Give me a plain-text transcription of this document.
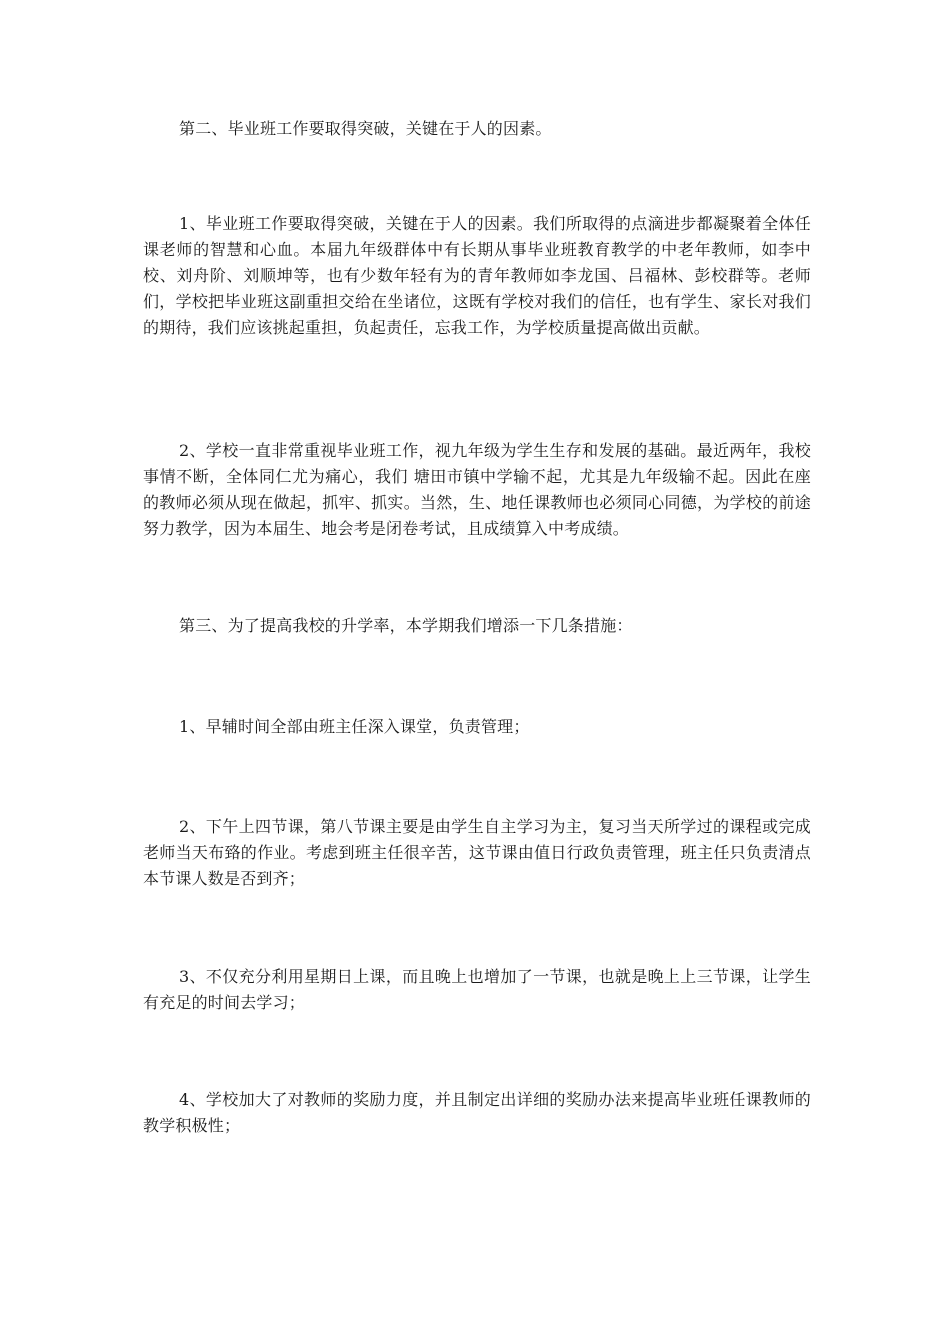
第二、毕业班工作要取得突破，关键在于人的因素。

1、毕业班工作要取得突破，关键在于人的因素。我们所取得的点滴进步都凝聚着全体任课老师的智慧和心血。本届九年级群体中有长期从事毕业班教育教学的中老年教师，如李中校、刘舟阶、刘顺坤等，也有少数年轻有为的青年教师如李龙国、吕福林、彭校群等。老师们，学校把毕业班这副重担交给在坐诸位，这既有学校对我们的信任，也有学生、家长对我们的期待，我们应该挑起重担，负起责任，忘我工作，为学校质量提高做出贡献。

2、学校一直非常重视毕业班工作，视九年级为学生生存和发展的基础。最近两年，我校事情不断，全体同仁尤为痛心，我们 塘田市镇中学输不起，尤其是九年级输不起。因此在座的教师必须从现在做起，抓牢、抓实。当然，生、地任课教师也必须同心同德，为学校的前途努力教学，因为本届生、地会考是闭卷考试，且成绩算入中考成绩。

第三、为了提高我校的升学率，本学期我们增添一下几条措施：

1、早辅时间全部由班主任深入课堂，负责管理；

2、下午上四节课，第八节课主要是由学生自主学习为主，复习当天所学过的课程或完成老师当天布臵的作业。考虑到班主任很辛苦，这节课由值日行政负责管理，班主任只负责清点本节课人数是否到齐；

3、不仅充分利用星期日上课，而且晚上也增加了一节课，也就是晚上上三节课，让学生有充足的时间去学习；

4、学校加大了对教师的奖励力度，并且制定出详细的奖励办法来提高毕业班任课教师的教学积极性；
